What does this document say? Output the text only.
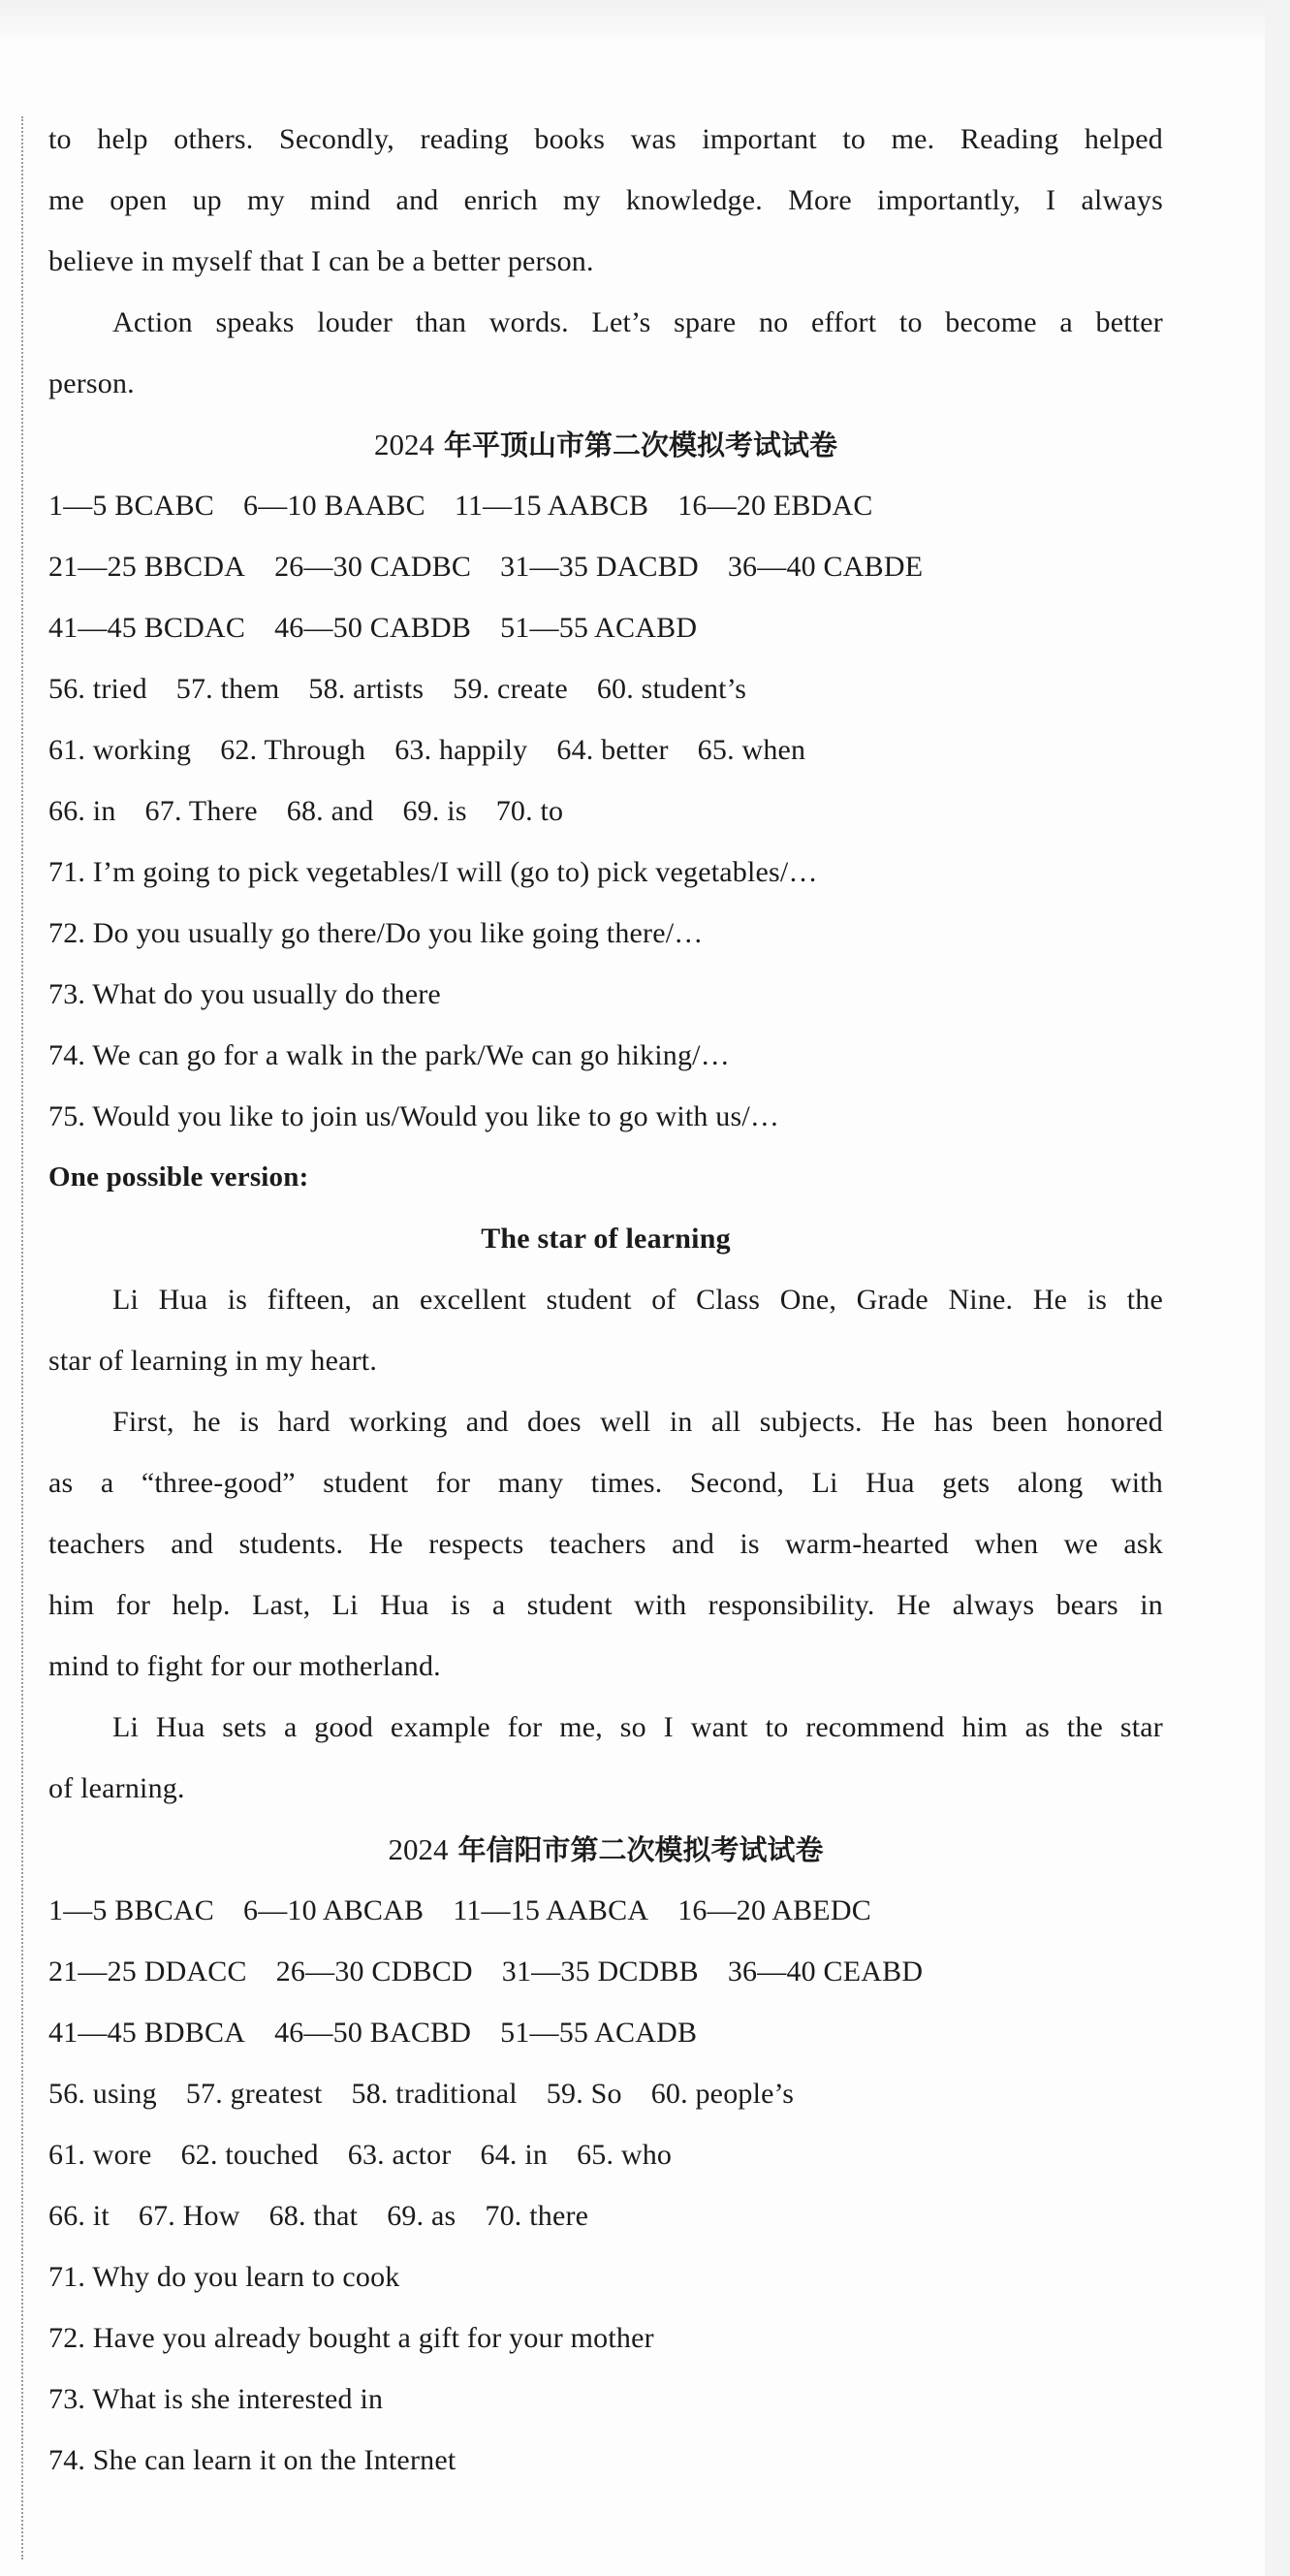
to help others. Secondly, reading books was important to me. Reading helped
me open up my mind and enrich my knowledge. More importantly, I always
believe in myself that I can be a better person.
Action speaks louder than words. Let’s spare no effort to become a better
person.
2024 年平顶山市第二次模拟考试试卷
1—5 BCABC 6—10 BAABC 11—15 AABCB 16—20 EBDAC
21—25 BBCDA 26—30 CADBC 31—35 DACBD 36—40 CABDE
41—45 BCDAC 46—50 CABDB 51—55 ACABD
56. tried 57. them 58. artists 59. create 60. student’s
61. working 62. Through 63. happily 64. better 65. when
66. in 67. There 68. and 69. is 70. to
71. I’m going to pick vegetables/I will (go to) pick vegetables/…
72. Do you usually go there/Do you like going there/…
73. What do you usually do there
74. We can go for a walk in the park/We can go hiking/…
75. Would you like to join us/Would you like to go with us/…
One possible version:
The star of learning
Li Hua is fifteen, an excellent student of Class One, Grade Nine. He is the
star of learning in my heart.
First, he is hard working and does well in all subjects. He has been honored
as a “three-good” student for many times. Second, Li Hua gets along with
teachers and students. He respects teachers and is warm-hearted when we ask
him for help. Last, Li Hua is a student with responsibility. He always bears in
mind to fight for our motherland.
Li Hua sets a good example for me, so I want to recommend him as the star
of learning.
2024 年信阳市第二次模拟考试试卷
1—5 BBCAC 6—10 ABCAB 11—15 AABCA 16—20 ABEDC
21—25 DDACC 26—30 CDBCD 31—35 DCDBB 36—40 CEABD
41—45 BDBCA 46—50 BACBD 51—55 ACADB
56. using 57. greatest 58. traditional 59. So 60. people’s
61. wore 62. touched 63. actor 64. in 65. who
66. it 67. How 68. that 69. as 70. there
71. Why do you learn to cook
72. Have you already bought a gift for your mother
73. What is she interested in
74. She can learn it on the Internet
